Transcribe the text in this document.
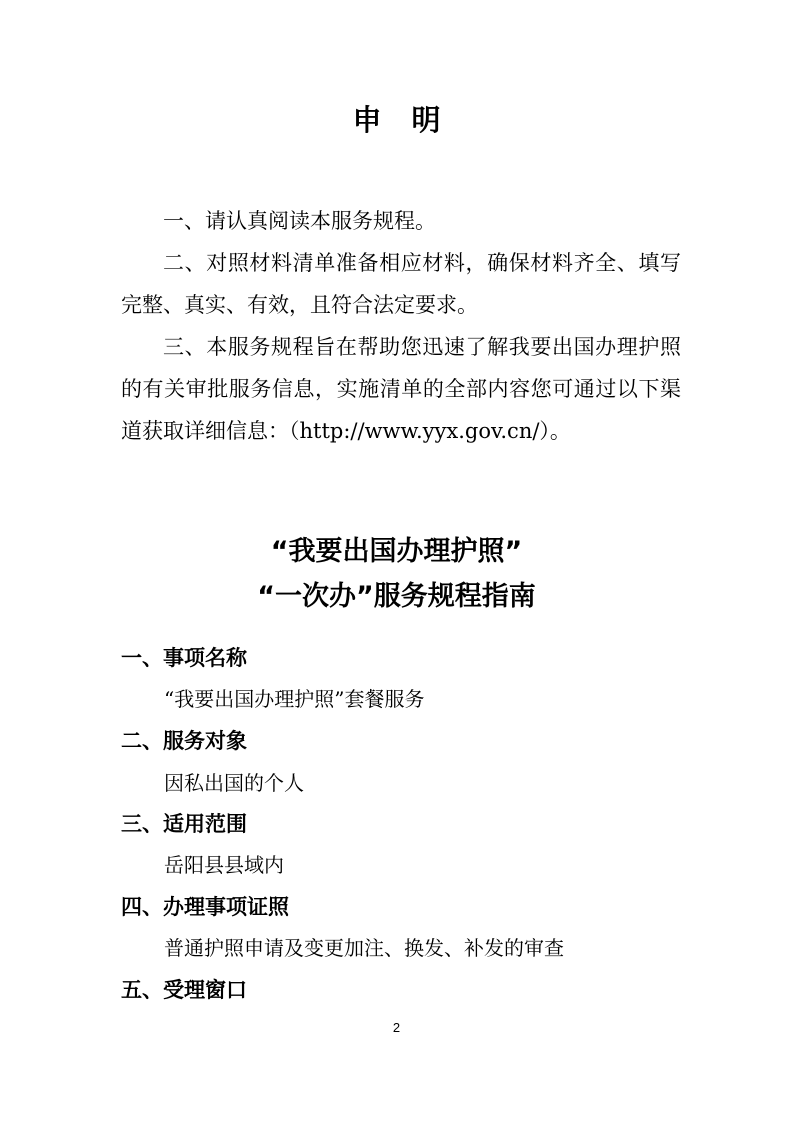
申明

一、请认真阅读本服务规程。

二、对照材料清单准备相应材料，确保材料齐全、填写完整、真实、有效，且符合法定要求。

三、本服务规程旨在帮助您迅速了解我要出国办理护照的有关审批服务信息，实施清单的全部内容您可通过以下渠道获取详细信息：（http://www.yyx.gov.cn/）。

“我要出国办理护照”
“一次办”服务规程指南
一、事项名称
“我要出国办理护照”套餐服务
二、服务对象
因私出国的个人
三、适用范围
岳阳县县域内
四、办理事项证照
普通护照申请及变更加注、换发、补发的审查
五、受理窗口
2
